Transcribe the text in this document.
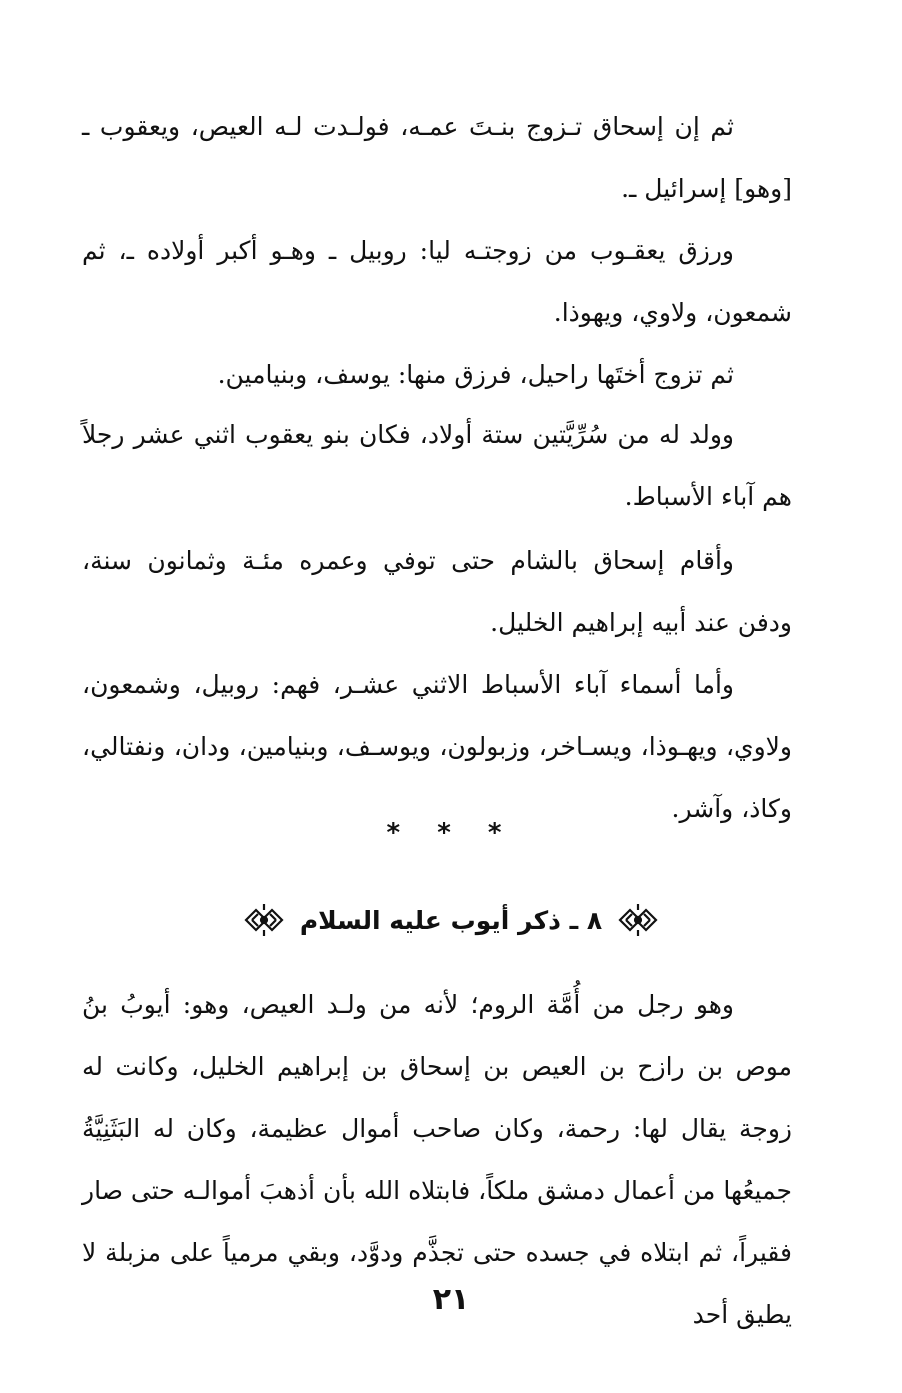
ثم إن إسحاق تـزوج بنـتَ عمـه، فولـدت لـه العيص، ويعقوب ـ [وهو] إسرائيل ـ.

ورزق يعقـوب من زوجتـه ليا: روبيل ـ وهـو أكبر أولاده ـ، ثم شمعون، ولاوي، ويهوذا.

ثم تزوج أختَها راحيل، فرزق منها: يوسف، وبنيامين.

وولد له من سُرِّيَّتين ستة أولاد، فكان بنو يعقوب اثني عشر رجلاً هم آباء الأسباط.

وأقام إسحاق بالشام حتى توفي وعمره مئـة وثمانون سنة، ودفن عند أبيه إبراهيم الخليل.

وأما أسماء آباء الأسباط الاثني عشـر، فهم: روبيل، وشمعون، ولاوي، ويهـوذا، ويسـاخر، وزبولون، ويوسـف، وبنيامين، ودان، ونفتالي، وكاذ، وآشر.

* * *
٨ ـ ذكر أيوب عليه السلام

وهو رجل من أُمَّة الروم؛ لأنه من ولـد العيص، وهو: أيوبُ بنُ موص بن رازح بن العيص بن إسحاق بن إبراهيم الخليل، وكانت له زوجة يقال لها: رحمة، وكان صاحب أموال عظيمة، وكان له البَثَنِيَّةُ جميعُها من أعمال دمشق ملكاً، فابتلاه الله بأن أذهبَ أموالـه حتى صار فقيراً، ثم ابتلاه في جسده حتى تجذَّم ودوَّد، وبقي مرمياً على مزبلة لا يطيق أحد

٢١
